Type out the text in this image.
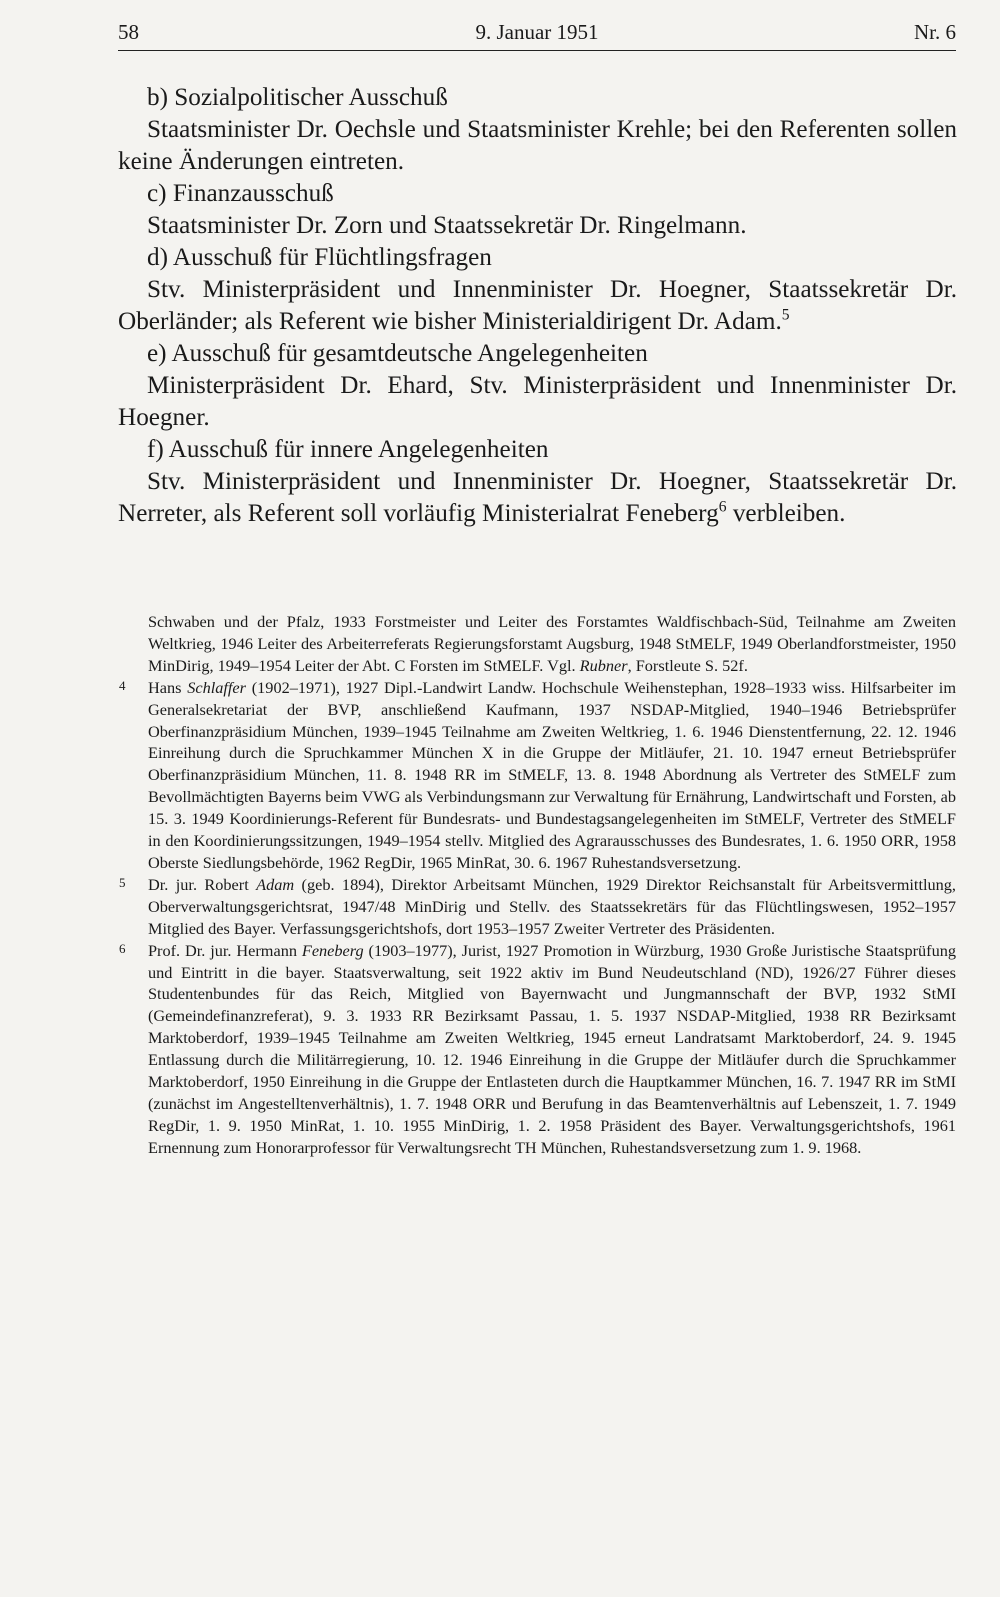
58	9. Januar 1951	Nr. 6

b) Sozialpolitischer Ausschuß

Staatsminister Dr. Oechsle und Staatsminister Krehle; bei den Referenten sollen keine Änderungen eintreten.

c) Finanzausschuß

Staatsminister Dr. Zorn und Staatssekretär Dr. Ringelmann.

d) Ausschuß für Flüchtlingsfragen

Stv. Ministerpräsident und Innenminister Dr. Hoegner, Staatssekretär Dr. Oberländer; als Referent wie bisher Ministerialdirigent Dr. Adam.$^5$

e) Ausschuß für gesamtdeutsche Angelegenheiten

Ministerpräsident Dr. Ehard, Stv. Ministerpräsident und Innenminister Dr. Hoegner.

f) Ausschuß für innere Angelegenheiten

Stv. Ministerpräsident und Innenminister Dr. Hoegner, Staatssekretär Dr. Nerreter, als Referent soll vorläufig Ministerialrat Feneberg$^6$ verbleiben.

Schwaben und der Pfalz, 1933 Forstmeister und Leiter des Forstamtes Waldfischbach-Süd, Teilnahme am Zweiten Weltkrieg, 1946 Leiter des Arbeiterreferats Regierungsforstamt Augsburg, 1948 StMELF, 1949 Oberlandforstmeister, 1950 MinDirig, 1949–1954 Leiter der Abt. C Forsten im StMELF. Vgl. Rubner, Forstleute S. 52f.

4 Hans Schlaffer (1902–1971), 1927 Dipl.-Landwirt Landw. Hochschule Weihenstephan, 1928–1933 wiss. Hilfsarbeiter im Generalsekretariat der BVP, anschließend Kaufmann, 1937 NSDAP-Mitglied, 1940–1946 Betriebsprüfer Oberfinanzpräsidium München, 1939–1945 Teilnahme am Zweiten Weltkrieg, 1. 6. 1946 Dienstentfernung, 22. 12. 1946 Einreihung durch die Spruchkammer München X in die Gruppe der Mitläufer, 21. 10. 1947 erneut Betriebsprüfer Oberfinanzpräsidium München, 11. 8. 1948 RR im StMELF, 13. 8. 1948 Abordnung als Vertreter des StMELF zum Bevollmächtigten Bayerns beim VWG als Verbindungsmann zur Verwaltung für Ernährung, Landwirtschaft und Forsten, ab 15. 3. 1949 Koordinierungs-Referent für Bundesrats- und Bundestagsangelegenheiten im StMELF, Vertreter des StMELF in den Koordinierungssitzungen, 1949–1954 stellv. Mitglied des Agrarausschusses des Bundesrates, 1. 6. 1950 ORR, 1958 Oberste Siedlungsbehörde, 1962 RegDir, 1965 MinRat, 30. 6. 1967 Ruhestandsversetzung.

5 Dr. jur. Robert Adam (geb. 1894), Direktor Arbeitsamt München, 1929 Direktor Reichsanstalt für Arbeitsvermittlung, Oberverwaltungsgerichtsrat, 1947/48 MinDirig und Stellv. des Staatssekretärs für das Flüchtlingswesen, 1952–1957 Mitglied des Bayer. Verfassungsgerichtshofs, dort 1953–1957 Zweiter Vertreter des Präsidenten.

6 Prof. Dr. jur. Hermann Feneberg (1903–1977), Jurist, 1927 Promotion in Würzburg, 1930 Große Juristische Staatsprüfung und Eintritt in die bayer. Staatsverwaltung, seit 1922 aktiv im Bund Neudeutschland (ND), 1926/27 Führer dieses Studentenbundes für das Reich, Mitglied von Bayernwacht und Jungmannschaft der BVP, 1932 StMI (Gemeindefinanzreferat), 9. 3. 1933 RR Bezirksamt Passau, 1. 5. 1937 NSDAP-Mitglied, 1938 RR Bezirksamt Marktoberdorf, 1939–1945 Teilnahme am Zweiten Weltkrieg, 1945 erneut Landratsamt Marktoberdorf, 24. 9. 1945 Entlassung durch die Militärregierung, 10. 12. 1946 Einreihung in die Gruppe der Mitläufer durch die Spruchkammer Marktoberdorf, 1950 Einreihung in die Gruppe der Entlasteten durch die Hauptkammer München, 16. 7. 1947 RR im StMI (zunächst im Angestelltenverhältnis), 1. 7. 1948 ORR und Berufung in das Beamtenverhältnis auf Lebenszeit, 1. 7. 1949 RegDir, 1. 9. 1950 MinRat, 1. 10. 1955 MinDirig, 1. 2. 1958 Präsident des Bayer. Verwaltungsgerichtshofs, 1961 Ernennung zum Honorarprofessor für Verwaltungsrecht TH München, Ruhestandsversetzung zum 1. 9. 1968.
